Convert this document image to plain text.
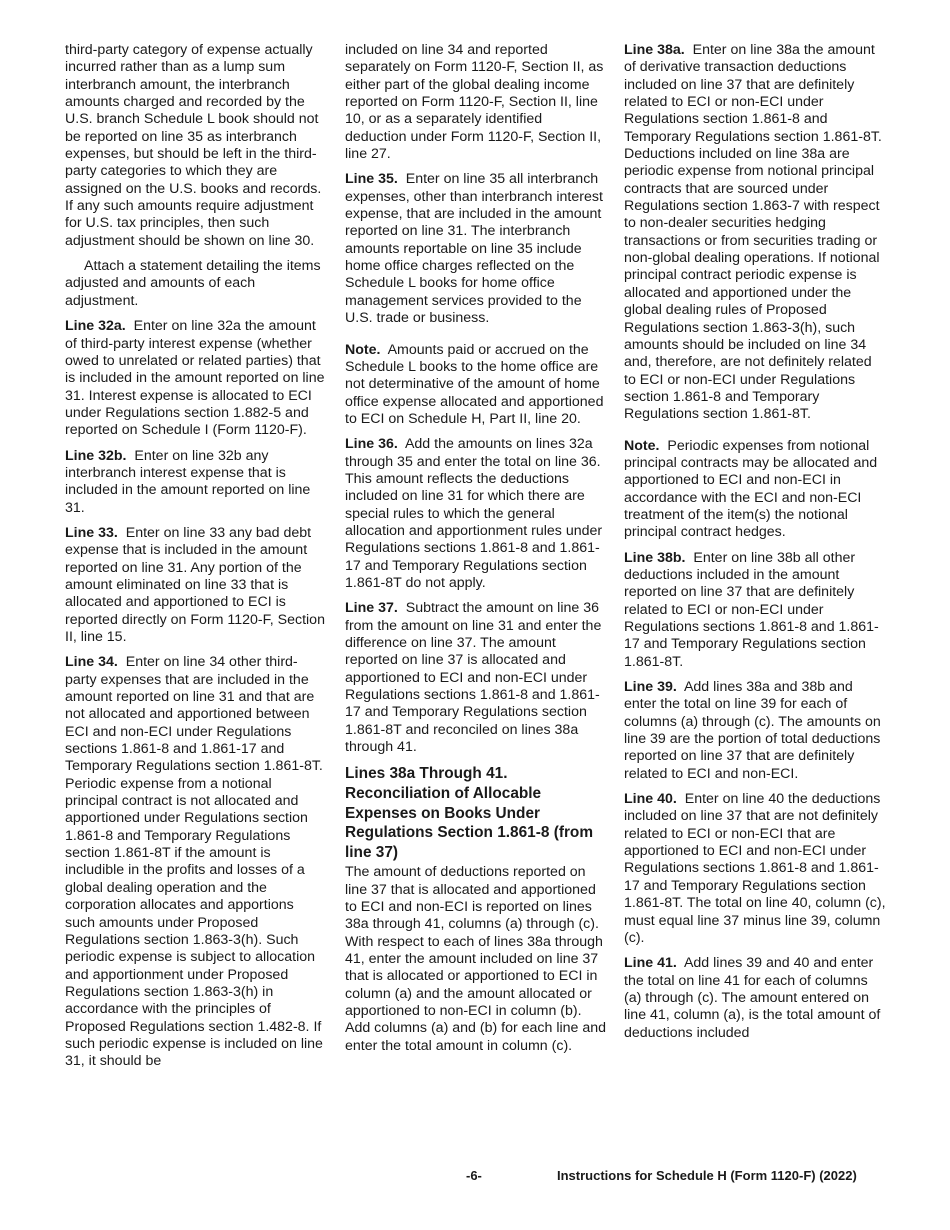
third-party category of expense actually incurred rather than as a lump sum interbranch amount, the interbranch amounts charged and recorded by the U.S. branch Schedule L book should not be reported on line 35 as interbranch expenses, but should be left in the third-party categories to which they are assigned on the U.S. books and records. If any such amounts require adjustment for U.S. tax principles, then such adjustment should be shown on line 30.

Attach a statement detailing the items adjusted and amounts of each adjustment.

Line 32a. Enter on line 32a the amount of third-party interest expense (whether owed to unrelated or related parties) that is included in the amount reported on line 31. Interest expense is allocated to ECI under Regulations section 1.882-5 and reported on Schedule I (Form 1120-F).

Line 32b. Enter on line 32b any interbranch interest expense that is included in the amount reported on line 31.

Line 33. Enter on line 33 any bad debt expense that is included in the amount reported on line 31. Any portion of the amount eliminated on line 33 that is allocated and apportioned to ECI is reported directly on Form 1120-F, Section II, line 15.

Line 34. Enter on line 34 other third-party expenses that are included in the amount reported on line 31 and that are not allocated and apportioned between ECI and non-ECI under Regulations sections 1.861-8 and 1.861-17 and Temporary Regulations section 1.861-8T. Periodic expense from a notional principal contract is not allocated and apportioned under Regulations section 1.861-8 and Temporary Regulations section 1.861-8T if the amount is includible in the profits and losses of a global dealing operation and the corporation allocates and apportions such amounts under Proposed Regulations section 1.863-3(h). Such periodic expense is subject to allocation and apportionment under Proposed Regulations section 1.863-3(h) in accordance with the principles of Proposed Regulations section 1.482-8. If such periodic expense is included on line 31, it should be

included on line 34 and reported separately on Form 1120-F, Section II, as either part of the global dealing income reported on Form 1120-F, Section II, line 10, or as a separately identified deduction under Form 1120-F, Section II, line 27.

Line 35. Enter on line 35 all interbranch expenses, other than interbranch interest expense, that are included in the amount reported on line 31. The interbranch amounts reportable on line 35 include home office charges reflected on the Schedule L books for home office management services provided to the U.S. trade or business.

Note. Amounts paid or accrued on the Schedule L books to the home office are not determinative of the amount of home office expense allocated and apportioned to ECI on Schedule H, Part II, line 20.

Line 36. Add the amounts on lines 32a through 35 and enter the total on line 36. This amount reflects the deductions included on line 31 for which there are special rules to which the general allocation and apportionment rules under Regulations sections 1.861-8 and 1.861-17 and Temporary Regulations section 1.861-8T do not apply.

Line 37. Subtract the amount on line 36 from the amount on line 31 and enter the difference on line 37. The amount reported on line 37 is allocated and apportioned to ECI and non-ECI under Regulations sections 1.861-8 and 1.861-17 and Temporary Regulations section 1.861-8T and reconciled on lines 38a through 41.

Lines 38a Through 41. Reconciliation of Allocable Expenses on Books Under Regulations Section 1.861-8 (from line 37)

The amount of deductions reported on line 37 that is allocated and apportioned to ECI and non-ECI is reported on lines 38a through 41, columns (a) through (c). With respect to each of lines 38a through 41, enter the amount included on line 37 that is allocated or apportioned to ECI in column (a) and the amount allocated or apportioned to non-ECI in column (b). Add columns (a) and (b) for each line and enter the total amount in column (c).

Line 38a. Enter on line 38a the amount of derivative transaction deductions included on line 37 that are definitely related to ECI or non-ECI under Regulations section 1.861-8 and Temporary Regulations section 1.861-8T. Deductions included on line 38a are periodic expense from notional principal contracts that are sourced under Regulations section 1.863-7 with respect to non-dealer securities hedging transactions or from securities trading or non-global dealing operations. If notional principal contract periodic expense is allocated and apportioned under the global dealing rules of Proposed Regulations section 1.863-3(h), such amounts should be included on line 34 and, therefore, are not definitely related to ECI or non-ECI under Regulations section 1.861-8 and Temporary Regulations section 1.861-8T.

Note. Periodic expenses from notional principal contracts may be allocated and apportioned to ECI and non-ECI in accordance with the ECI and non-ECI treatment of the item(s) the notional principal contract hedges.

Line 38b. Enter on line 38b all other deductions included in the amount reported on line 37 that are definitely related to ECI or non-ECI under Regulations sections 1.861-8 and 1.861-17 and Temporary Regulations section 1.861-8T.

Line 39. Add lines 38a and 38b and enter the total on line 39 for each of columns (a) through (c). The amounts on line 39 are the portion of total deductions reported on line 37 that are definitely related to ECI and non-ECI.

Line 40. Enter on line 40 the deductions included on line 37 that are not definitely related to ECI or non-ECI that are apportioned to ECI and non-ECI under Regulations sections 1.861-8 and 1.861-17 and Temporary Regulations section 1.861-8T. The total on line 40, column (c), must equal line 37 minus line 39, column (c).

Line 41. Add lines 39 and 40 and enter the total on line 41 for each of columns (a) through (c). The amount entered on line 41, column (a), is the total amount of deductions included

-6-	Instructions for Schedule H (Form 1120-F) (2022)
